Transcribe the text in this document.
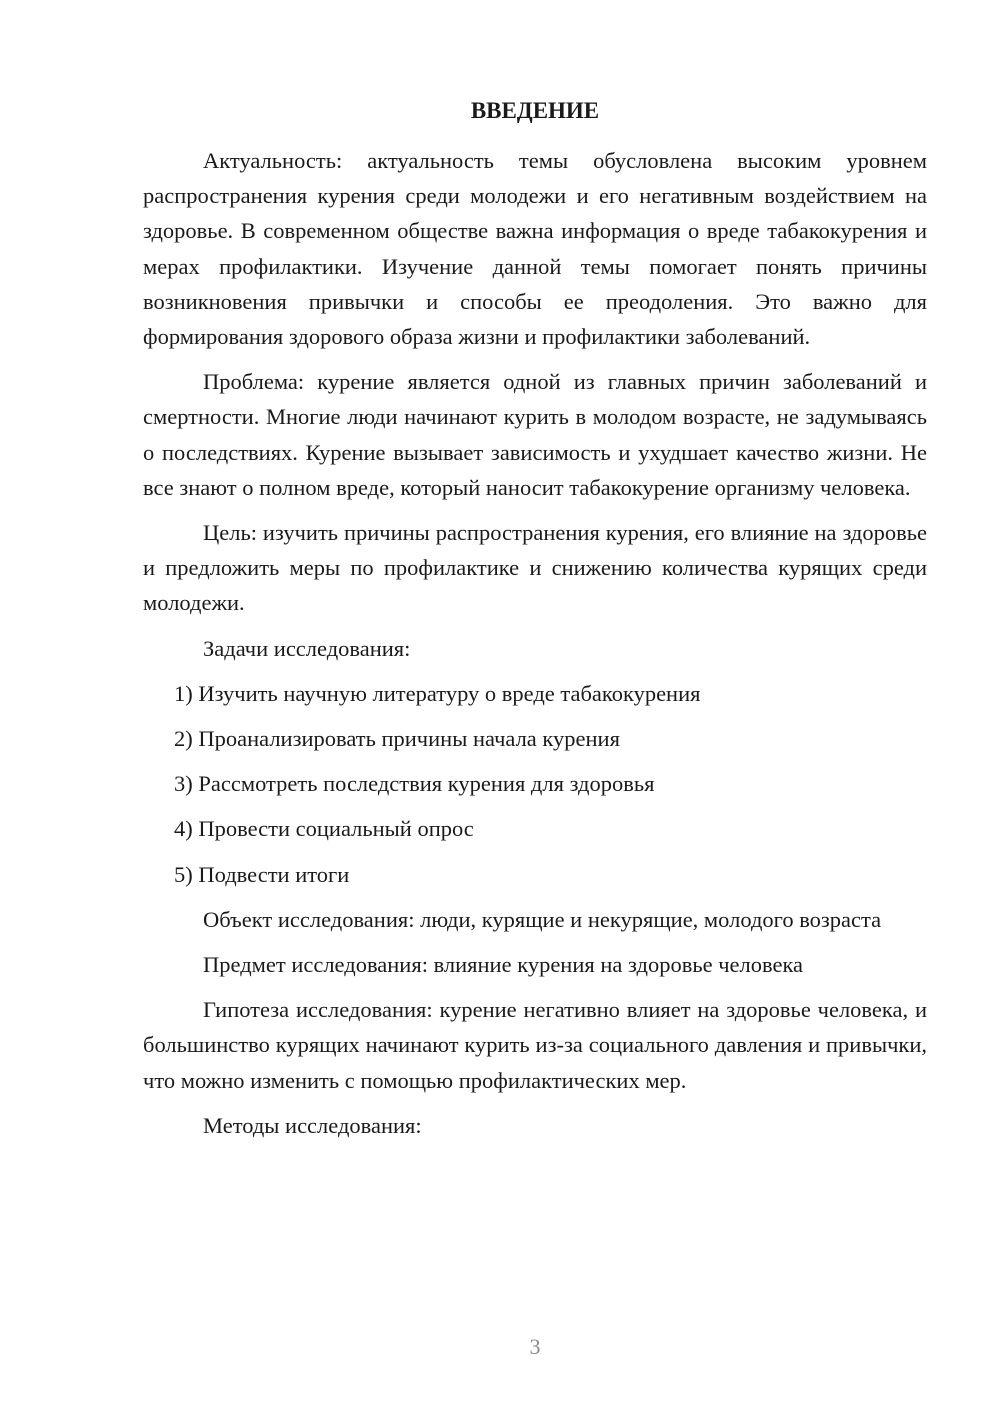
ВВЕДЕНИЕ

Актуальность: актуальность темы обусловлена высоким уровнем распространения курения среди молодежи и его негативным воздействием на здоровье. В современном обществе важна информация о вреде табакокурения и мерах профилактики. Изучение данной темы помогает понять причины возникновения привычки и способы ее преодоления. Это важно для формирования здорового образа жизни и профилактики заболеваний.

Проблема: курение является одной из главных причин заболеваний и смертности. Многие люди начинают курить в молодом возрасте, не задумываясь о последствиях. Курение вызывает зависимость и ухудшает качество жизни. Не все знают о полном вреде, который наносит табакокурение организму человека.

Цель: изучить причины распространения курения, его влияние на здоровье и предложить меры по профилактике и снижению количества курящих среди молодежи.

Задачи исследования:

1) Изучить научную литературу о вреде табакокурения
2) Проанализировать причины начала курения
3) Рассмотреть последствия курения для здоровья
4) Провести социальный опрос
5) Подвести итоги

Объект исследования: люди, курящие и некурящие, молодого возраста

Предмет исследования: влияние курения на здоровье человека

Гипотеза исследования: курение негативно влияет на здоровье человека, и большинство курящих начинают курить из-за социального давления и привычки, что можно изменить с помощью профилактических мер.

Методы исследования:

3
